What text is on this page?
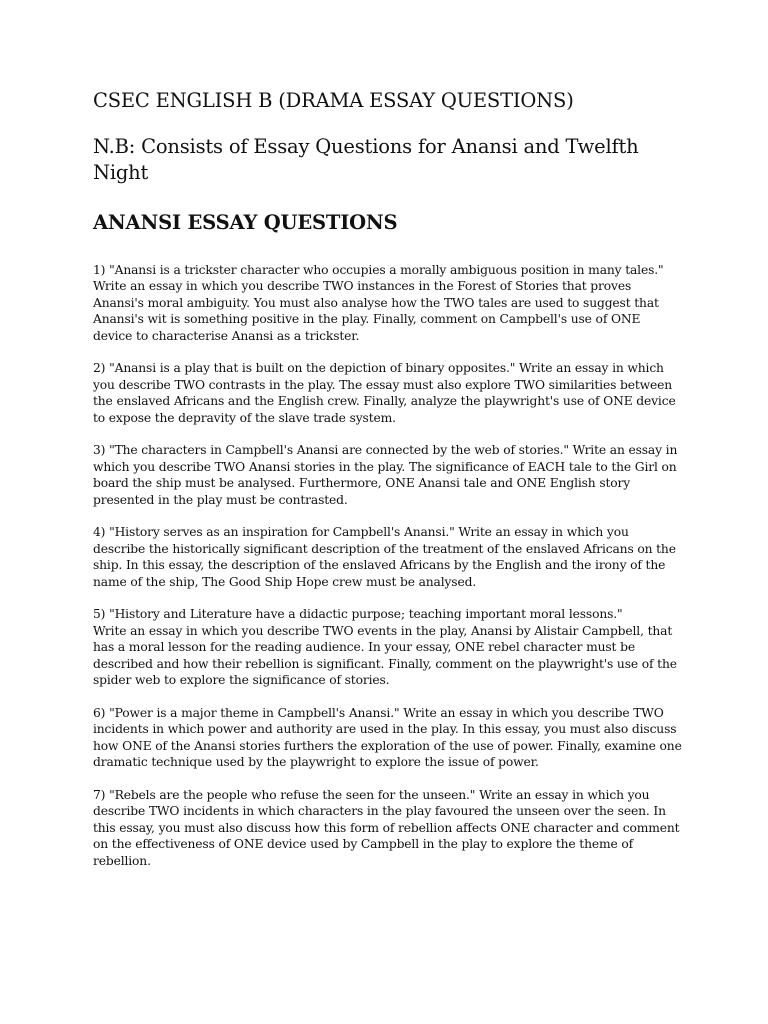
CSEC ENGLISH B (DRAMA ESSAY QUESTIONS)

N.B: Consists of Essay Questions for Anansi and Twelfth Night

ANANSI ESSAY QUESTIONS
1) "Anansi is a trickster character who occupies a morally ambiguous position in many tales."
Write an essay in which you describe TWO instances in the Forest of Stories that proves Anansi's moral ambiguity. You must also analyse how the TWO tales are used to suggest that Anansi's wit is something positive in the play. Finally, comment on Campbell's use of ONE device to characterise Anansi as a trickster.
2) "Anansi is a play that is built on the depiction of binary opposites." Write an essay in which you describe TWO contrasts in the play. The essay must also explore TWO similarities between the enslaved Africans and the English crew. Finally, analyze the playwright's use of ONE device to expose the depravity of the slave trade system.
3) "The characters in Campbell's Anansi are connected by the web of stories." Write an essay in which you describe TWO Anansi stories in the play. The significance of EACH tale to the Girl on board the ship must be analysed. Furthermore, ONE Anansi tale and ONE English story presented in the play must be contrasted.
4) "History serves as an inspiration for Campbell's Anansi." Write an essay in which you describe the historically significant description of the treatment of the enslaved Africans on the ship. In this essay, the description of the enslaved Africans by the English and the irony of the name of the ship, The Good Ship Hope crew must be analysed.
5) "History and Literature have a didactic purpose; teaching important moral lessons."
Write an essay in which you describe TWO events in the play, Anansi by Alistair Campbell, that has a moral lesson for the reading audience. In your essay, ONE rebel character must be described and how their rebellion is significant. Finally, comment on the playwright's use of the spider web to explore the significance of stories.
6) "Power is a major theme in Campbell's Anansi." Write an essay in which you describe TWO incidents in which power and authority are used in the play. In this essay, you must also discuss how ONE of the Anansi stories furthers the exploration of the use of power. Finally, examine one dramatic technique used by the playwright to explore the issue of power.
7) "Rebels are the people who refuse the seen for the unseen." Write an essay in which you describe TWO incidents in which characters in the play favoured the unseen over the seen. In this essay, you must also discuss how this form of rebellion affects ONE character and comment on the effectiveness of ONE device used by Campbell in the play to explore the theme of rebellion.
